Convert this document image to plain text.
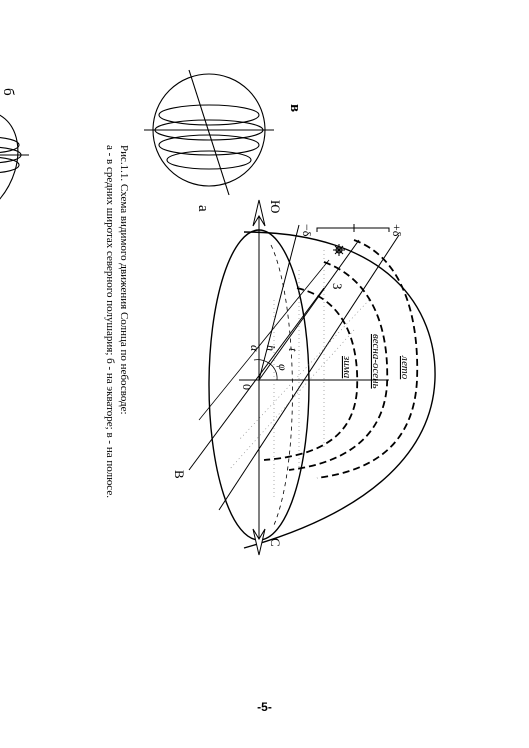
Ю
С
В
З
0
лето
весна-осень
зима
+δ
−δ
φ
α h t
а
б
в
Рис.1.1. Схема видимого движения Солнца по небосводе:
а - в средних широтах северного полушария; б - на экваторе; в - на полюсе.
-5-
